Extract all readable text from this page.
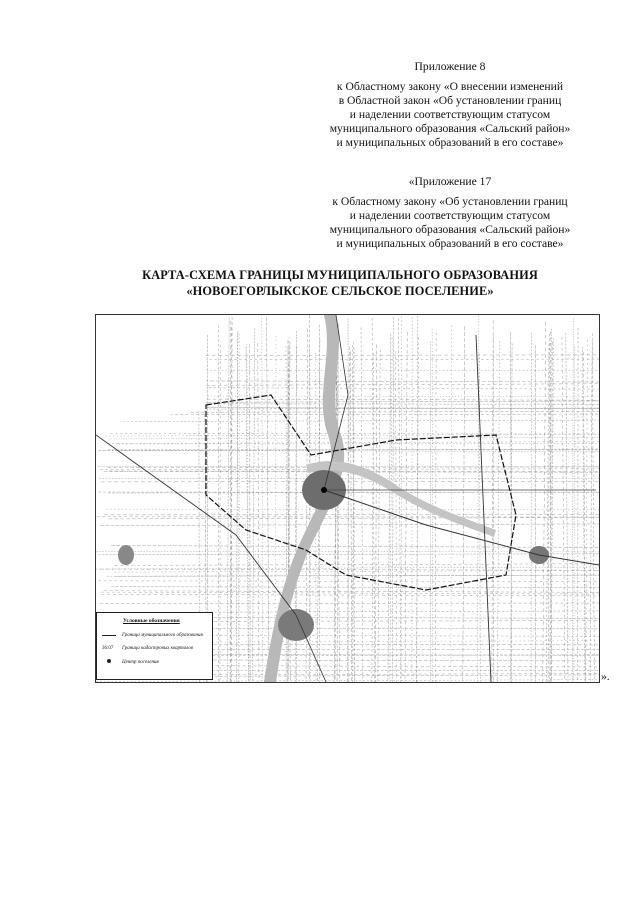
Приложение 8
к Областному закону «О внесении изменений
в Областной закон «Об установлении границ
и наделении соответствующим статусом
муниципального образования «Сальский район»
и муниципальных образований в его составе»
«Приложение 17
к Областному закону «Об установлении границ
и наделении соответствующим статусом
муниципального образования «Сальский район»
и муниципальных образований в его составе»
КАРТА-СХЕМА ГРАНИЦЫ МУНИЦИПАЛЬНОГО ОБРАЗОВАНИЯ
«НОВОЕГОРЛЫКСКОЕ СЕЛЬСКОЕ ПОСЕЛЕНИЕ»
Условные обозначения
Граница муниципального образования
36:07	Граница кадастровых кварталов
Центр поселения
».
